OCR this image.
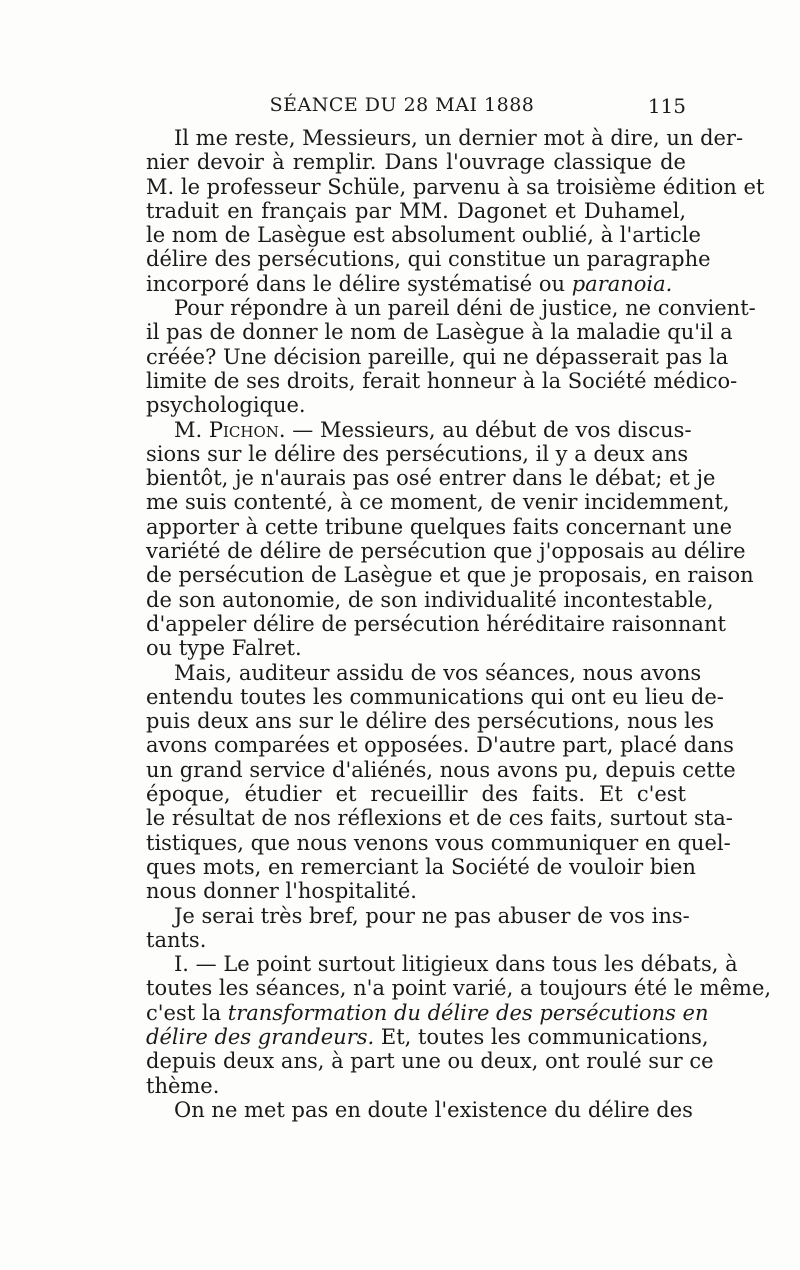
SÉANCE DU 28 MAI 1888	115
Il me reste, Messieurs, un dernier mot à dire, un der-
nier devoir à remplir. Dans l'ouvrage classique de
M. le professeur Schüle, parvenu à sa troisième édition et
traduit en français par MM. Dagonet et Duhamel,
le nom de Lasègue est absolument oublié, à l'article
délire des persécutions, qui constitue un paragraphe
incorporé dans le délire systématisé ou paranoia.
Pour répondre à un pareil déni de justice, ne convient-
il pas de donner le nom de Lasègue à la maladie qu'il a
créée? Une décision pareille, qui ne dépasserait pas la
limite de ses droits, ferait honneur à la Société médico-
psychologique.
M. Pichon. — Messieurs, au début de vos discus-
sions sur le délire des persécutions, il y a deux ans
bientôt, je n'aurais pas osé entrer dans le débat; et je
me suis contenté, à ce moment, de venir incidemment,
apporter à cette tribune quelques faits concernant une
variété de délire de persécution que j'opposais au délire
de persécution de Lasègue et que je proposais, en raison
de son autonomie, de son individualité incontestable,
d'appeler délire de persécution héréditaire raisonnant
ou type Falret.
Mais, auditeur assidu de vos séances, nous avons
entendu toutes les communications qui ont eu lieu de-
puis deux ans sur le délire des persécutions, nous les
avons comparées et opposées. D'autre part, placé dans
un grand service d'aliénés, nous avons pu, depuis cette
époque, étudier et recueillir des faits. Et c'est
le résultat de nos réflexions et de ces faits, surtout sta-
tistiques, que nous venons vous communiquer en quel-
ques mots, en remerciant la Société de vouloir bien
nous donner l'hospitalité.
Je serai très bref, pour ne pas abuser de vos ins-
tants.
I. — Le point surtout litigieux dans tous les débats, à
toutes les séances, n'a point varié, a toujours été le même,
c'est la transformation du délire des persécutions en
délire des grandeurs. Et, toutes les communications,
depuis deux ans, à part une ou deux, ont roulé sur ce
thème.
On ne met pas en doute l'existence du délire des
